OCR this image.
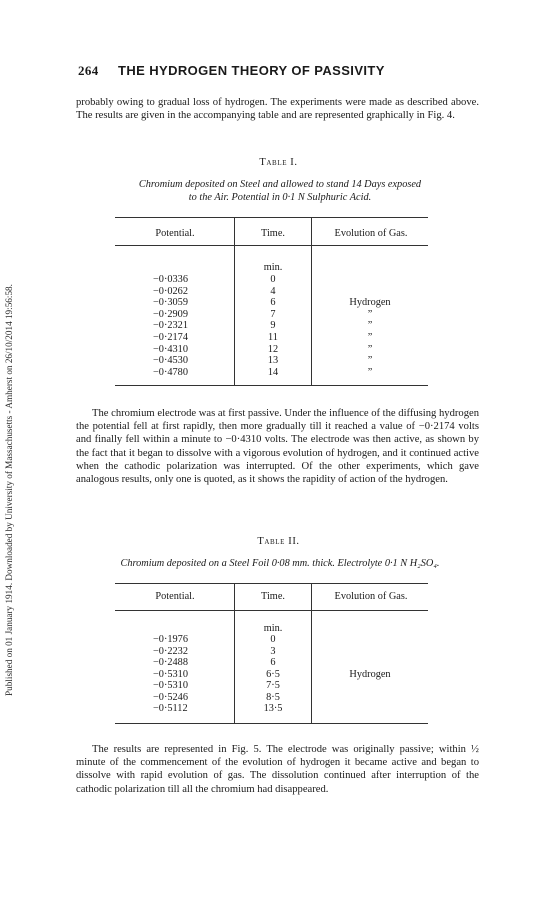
Published on 01 January 1914. Downloaded by University of Massachusetts - Amherst on 26/10/2014 19:56:58.
264 THE HYDROGEN THEORY OF PASSIVITY

probably owing to gradual loss of hydrogen. The experiments were made as described above. The results are given in the accompanying table and are represented graphically in Fig. 4.

Table I.
Chromium deposited on Steel and allowed to stand 14 Days exposed
to the Air. Potential in 0·1 N Sulphuric Acid.
Potential.	Time.	Evolution of Gas.
min.
−0·0336	0
−0·0262	4
−0·3059	6	Hydrogen
−0·2909	7	”
−0·2321	9	”
−0·2174	11	”
−0·4310	12	”
−0·4530	13	”
−0·4780	14	”

The chromium electrode was at first passive. Under the influence of the diffusing hydrogen the potential fell at first rapidly, then more gradually till it reached a value of −0·2174 volts and finally fell within a minute to −0·4310 volts. The electrode was then active, as shown by the fact that it began to dissolve with a vigorous evolution of hydrogen, and it continued active when the cathodic polarization was interrupted. Of the other experiments, which gave analogous results, only one is quoted, as it shows the rapidity of action of the hydrogen.

Table II.
Chromium deposited on a Steel Foil 0·08 mm. thick. Electrolyte 0·1 N H₂SO₄.
Potential.	Time.	Evolution of Gas.
min.
−0·1976	0
−0·2232	3
−0·2488	6
−0·5310	6·5	Hydrogen
−0·5310	7·5
−0·5246	8·5
−0·5112	13·5

The results are represented in Fig. 5. The electrode was originally passive; within ½ minute of the commencement of the evolution of hydrogen it became active and began to dissolve with rapid evolution of gas. The dissolution continued after interruption of the cathodic polarization till all the chromium had disappeared.
